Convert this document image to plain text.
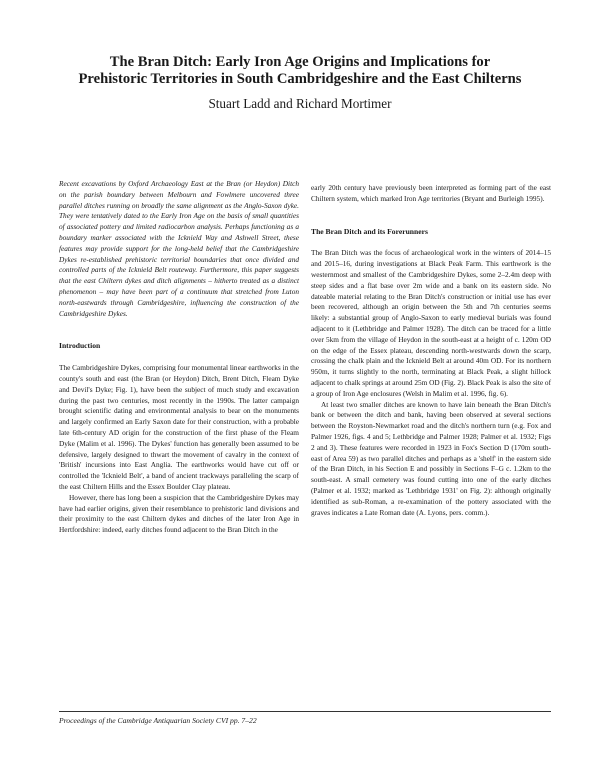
The Bran Ditch: Early Iron Age Origins and Implications for
Prehistoric Territories in South Cambridgeshire and the East Chilterns

Stuart Ladd and Richard Mortimer

Recent excavations by Oxford Archaeology East at the Bran (or Heydon) Ditch on the parish boundary between Melbourn and Fowlmere uncovered three parallel ditches running on broadly the same alignment as the Anglo-Saxon dyke. They were tentatively dated to the Early Iron Age on the basis of small quantities of associated pottery and limited radiocarbon analysis. Perhaps functioning as a boundary marker associated with the Icknield Way and Ashwell Street, these features may provide support for the long-held belief that the Cambridgeshire Dykes re-established prehistoric territorial boundaries that once divided and controlled parts of the Icknield Belt routeway. Furthermore, this paper suggests that the east Chiltern dykes and ditch alignments – hitherto treated as a distinct phenomenon – may have been part of a continuum that stretched from Luton north-eastwards through Cambridgeshire, influencing the construction of the Cambridgeshire Dykes.

Introduction

The Cambridgeshire Dykes, comprising four monumental linear earthworks in the county's south and east (the Bran (or Heydon) Ditch, Brent Ditch, Fleam Dyke and Devil's Dyke; Fig. 1), have been the subject of much study and excavation during the past two centuries, most recently in the 1990s. The latter campaign brought scientific dating and environmental analysis to bear on the monuments and largely confirmed an Early Saxon date for their construction, with a probable late 6th-century AD origin for the construction of the first phase of the Fleam Dyke (Malim et al. 1996). The Dykes' function has generally been assumed to be defensive, largely designed to thwart the movement of cavalry in the context of 'British' incursions into East Anglia. The earthworks would have cut off or controlled the 'Icknield Belt', a band of ancient trackways paralleling the scarp of the east Chiltern Hills and the Essex Boulder Clay plateau.

However, there has long been a suspicion that the Cambridgeshire Dykes may have had earlier origins, given their resemblance to prehistoric land divisions and their proximity to the east Chiltern dykes and ditches of the later Iron Age in Hertfordshire: indeed, early ditches found adjacent to the Bran Ditch in the

early 20th century have previously been interpreted as forming part of the east Chiltern system, which marked Iron Age territories (Bryant and Burleigh 1995).

The Bran Ditch and its Forerunners

The Bran Ditch was the focus of archaeological work in the winters of 2014–15 and 2015–16, during investigations at Black Peak Farm. This earthwork is the westernmost and smallest of the Cambridgeshire Dykes, some 2–2.4m deep with steep sides and a flat base over 2m wide and a bank on its eastern side. No dateable material relating to the Bran Ditch's construction or initial use has ever been recovered, although an origin between the 5th and 7th centuries seems likely: a substantial group of Anglo-Saxon to early medieval burials was found adjacent to it (Lethbridge and Palmer 1928). The ditch can be traced for a little over 5km from the village of Heydon in the south-east at a height of c. 120m OD on the edge of the Essex plateau, descending north-westwards down the scarp, crossing the chalk plain and the Icknield Belt at around 40m OD. For its northern 950m, it turns slightly to the north, terminating at Black Peak, a slight hillock adjacent to chalk springs at around 25m OD (Fig. 2). Black Peak is also the site of a group of Iron Age enclosures (Welsh in Malim et al. 1996, fig. 6).

At least two smaller ditches are known to have lain beneath the Bran Ditch's bank or between the ditch and bank, having been observed at several sections between the Royston-Newmarket road and the ditch's northern turn (e.g. Fox and Palmer 1926, figs. 4 and 5; Lethbridge and Palmer 1928; Palmer et al. 1932; Figs 2 and 3). These features were recorded in 1923 in Fox's Section D (170m south-east of Area 59) as two parallel ditches and perhaps as a 'shelf' in the eastern side of the Bran Ditch, in his Section E and possibly in Sections F–G c. 1.2km to the south-east. A small cemetery was found cutting into one of the early ditches (Palmer et al. 1932; marked as 'Lethbridge 1931' on Fig. 2): although originally identified as sub-Roman, a re-examination of the pottery associated with the graves indicates a Late Roman date (A. Lyons, pers. comm.).

Proceedings of the Cambridge Antiquarian Society CVI pp. 7–22
